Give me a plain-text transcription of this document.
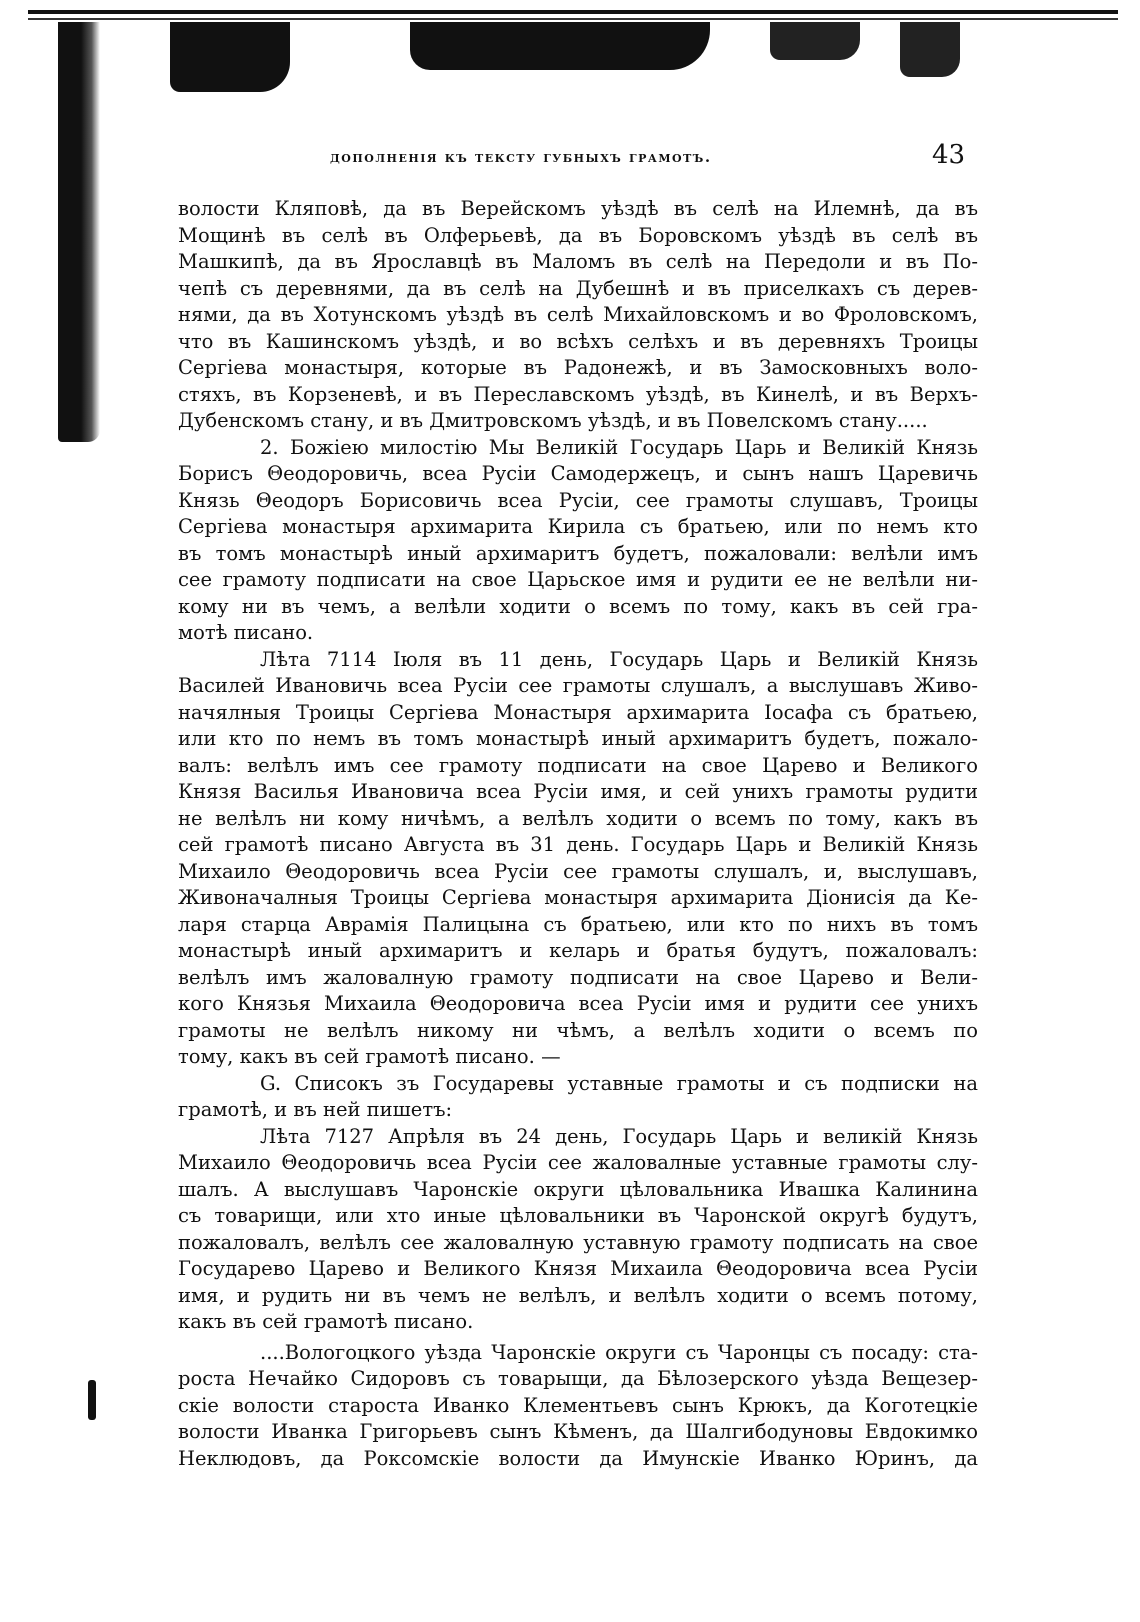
дополненія къ тексту губныхъ грамотъ.	43
волости Кляповѣ, да въ Верейскомъ уѣздѣ въ селѣ на Илемнѣ, да въ
Мощинѣ въ селѣ въ Олферьевѣ, да въ Боровскомъ уѣздѣ въ селѣ въ
Машкипѣ, да въ Ярославцѣ въ Маломъ въ селѣ на Передоли и въ По-
чепѣ съ деревнями, да въ селѣ на Дубешнѣ и въ приселкахъ съ дерев-
нями, да въ Хотунскомъ уѣздѣ въ селѣ Михайловскомъ и во Фроловскомъ,
что въ Кашинскомъ уѣздѣ, и во всѣхъ селѣхъ и въ деревняхъ Троицы
Сергіева монастыря, которые въ Радонежѣ, и въ Замосковныхъ воло-
стяхъ, въ Корзеневѣ, и въ Переславскомъ уѣздѣ, въ Кинелѣ, и въ Верхъ-
Дубенскомъ стану, и въ Дмитровскомъ уѣздѣ, и въ Повелскомъ стану.....
2. Божіею милостію Мы Великій Государь Царь и Великій Князь
Борисъ Θеодоровичь, всеа Русіи Самодержецъ, и сынъ нашъ Царевичь
Князь Θеодоръ Борисовичь всеа Русіи, сее грамоты слушавъ, Троицы
Сергіева монастыря архимарита Кирила съ братьею, или по немъ кто
въ томъ монастырѣ иный архимаритъ будетъ, пожаловали: велѣли имъ
сее грамоту подписати на свое Царьское имя и рудити ее не велѣли ни-
кому ни въ чемъ, а велѣли ходити о всемъ по тому, какъ въ сей гра-
мотѣ писано.
Лѣта 7114 Іюля въ 11 день, Государь Царь и Великій Князь
Василей Ивановичь всеа Русіи сее грамоты слушалъ, а выслушавъ Живо-
начялныя Троицы Сергіева Монастыря архимарита Іосафа съ братьею,
или кто по немъ въ томъ монастырѣ иный архимаритъ будетъ, пожало-
валъ: велѣлъ имъ сее грамоту подписати на свое Царево и Великого
Князя Василья Ивановича всеа Русіи имя, и сей унихъ грамоты рудити
не велѣлъ ни кому ничѣмъ, а велѣлъ ходити о всемъ по тому, какъ въ
сей грамотѣ писано Августа въ 31 день. Государь Царь и Великій Князь
Михаило Θеодоровичь всеа Русіи сее грамоты слушалъ, и, выслушавъ,
Живоначалныя Троицы Сергіева монастыря архимарита Діонисія да Ке-
ларя старца Аврамія Палицына съ братьею, или кто по нихъ въ томъ
монастырѣ иный архимаритъ и келарь и братья будутъ, пожаловалъ:
велѣлъ имъ жаловалную грамоту подписати на свое Царево и Вели-
кого Князья Михаила Θеодоровича всеа Русіи имя и рудити сее унихъ
грамоты не велѣлъ никому ни чѣмъ, а велѣлъ ходити о всемъ по
тому, какъ въ сей грамотѣ писано. —
G. Списокъ зъ Государевы уставные грамоты и съ подписки на
грамотѣ, и въ ней пишетъ:
Лѣта 7127 Апрѣля въ 24 день, Государь Царь и великій Князь
Михаило Θеодоровичь всеа Русіи сее жаловалные уставные грамоты слу-
шалъ. А выслушавъ Чаронскіе округи цѣловальника Ивашка Калинина
съ товарищи, или хто иные цѣловальники въ Чаронской округѣ будутъ,
пожаловалъ, велѣлъ сее жаловалную уставную грамоту подписать на свое
Государево Царево и Великого Князя Михаила Θеодоровича всеа Русіи
имя, и рудить ни въ чемъ не велѣлъ, и велѣлъ ходити о всемъ потому,
какъ въ сей грамотѣ писано.
....Вологоцкого уѣзда Чаронскіе округи съ Чаронцы съ посаду: ста-
роста Нечайко Сидоровъ съ товарыщи, да Бѣлозерского уѣзда Вещезер-
скіе волости староста Иванко Клементьевъ сынъ Крюкъ, да Коготецкіе
волости Иванка Григорьевъ сынъ Кѣменъ, да Шалгибодуновы Евдокимко
Неклюдовъ, да Роксомскіе волости да Имунскіе Иванко Юринъ, да
